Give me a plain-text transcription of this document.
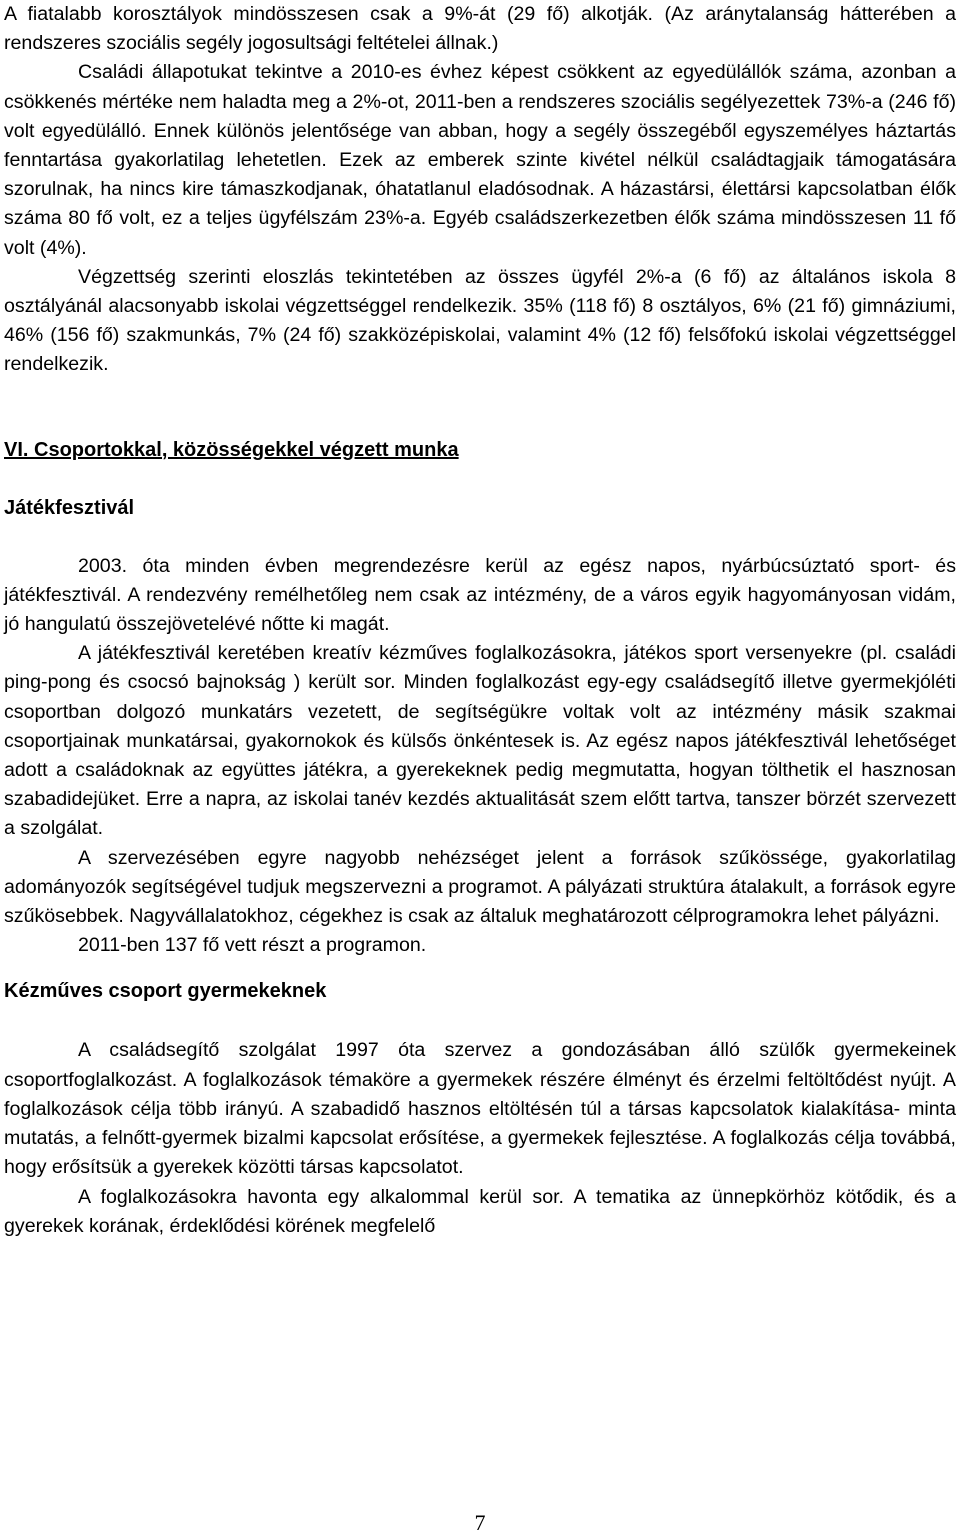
A fiatalabb korosztályok mindösszesen csak a 9%-át (29 fő) alkotják. (Az aránytalanság hátterében a rendszeres szociális segély jogosultsági feltételei állnak.)

Családi állapotukat tekintve a 2010-es évhez képest csökkent az egyedülállók száma, azonban a csökkenés mértéke nem haladta meg a 2%-ot, 2011-ben a rendszeres szociális segélyezettek 73%-a (246 fő) volt egyedülálló. Ennek különös jelentősége van abban, hogy a segély összegéből egyszemélyes háztartás fenntartása gyakorlatilag lehetetlen. Ezek az emberek szinte kivétel nélkül családtagjaik támogatására szorulnak, ha nincs kire támaszkodjanak, óhatatlanul eladósodnak. A házastársi, élettársi kapcsolatban élők száma 80 fő volt, ez a teljes ügyfélszám 23%-a. Egyéb családszerkezetben élők száma mindösszesen 11 fő volt (4%).

Végzettség szerinti eloszlás tekintetében az összes ügyfél 2%-a (6 fő) az általános iskola 8 osztályánál alacsonyabb iskolai végzettséggel rendelkezik. 35% (118 fő) 8 osztályos, 6% (21 fő) gimnáziumi, 46% (156 fő) szakmunkás, 7% (24 fő) szakközépiskolai, valamint 4% (12 fő) felsőfokú iskolai végzettséggel rendelkezik.

VI. Csoportokkal, közösségekkel végzett munka

Játékfesztivál

2003. óta minden évben megrendezésre kerül az egész napos, nyárbúcsúztató sport- és játékfesztivál. A rendezvény remélhetőleg nem csak az intézmény, de a város egyik hagyományosan vidám, jó hangulatú összejövetelévé nőtte ki magát.

A játékfesztivál keretében kreatív kézműves foglalkozásokra, játékos sport versenyekre (pl. családi ping-pong és csocsó bajnokság ) került sor. Minden foglalkozást egy-egy családsegítő illetve gyermekjóléti csoportban dolgozó munkatárs vezetett, de segítségükre voltak volt az intézmény másik szakmai csoportjainak munkatársai, gyakornokok és külsős önkéntesek is. Az egész napos játékfesztivál lehetőséget adott a családoknak az együttes játékra, a gyerekeknek pedig megmutatta, hogyan tölthetik el hasznosan szabadidejüket. Erre a napra, az iskolai tanév kezdés aktualitását szem előtt tartva, tanszer börzét szervezett a szolgálat.

A szervezésében egyre nagyobb nehézséget jelent a források szűkössége, gyakorlatilag adományozók segítségével tudjuk megszervezni a programot. A pályázati struktúra átalakult, a források egyre szűkösebbek. Nagyvállalatokhoz, cégekhez is csak az általuk meghatározott célprogramokra lehet pályázni.

2011-ben 137 fő vett részt a programon.

Kézműves csoport gyermekeknek

A családsegítő szolgálat 1997 óta szervez a gondozásában álló szülők gyermekeinek csoportfoglalkozást. A foglalkozások témaköre a gyermekek részére élményt és érzelmi feltöltődést nyújt. A foglalkozások célja több irányú. A szabadidő hasznos eltöltésén túl a társas kapcsolatok kialakítása- minta mutatás, a felnőtt-gyermek bizalmi kapcsolat erősítése, a gyermekek fejlesztése. A foglalkozás célja továbbá, hogy erősítsük a gyerekek közötti társas kapcsolatot.

A foglalkozásokra havonta egy alkalommal kerül sor. A tematika az ünnepkörhöz kötődik, és a gyerekek korának, érdeklődési körének megfelelő

7
